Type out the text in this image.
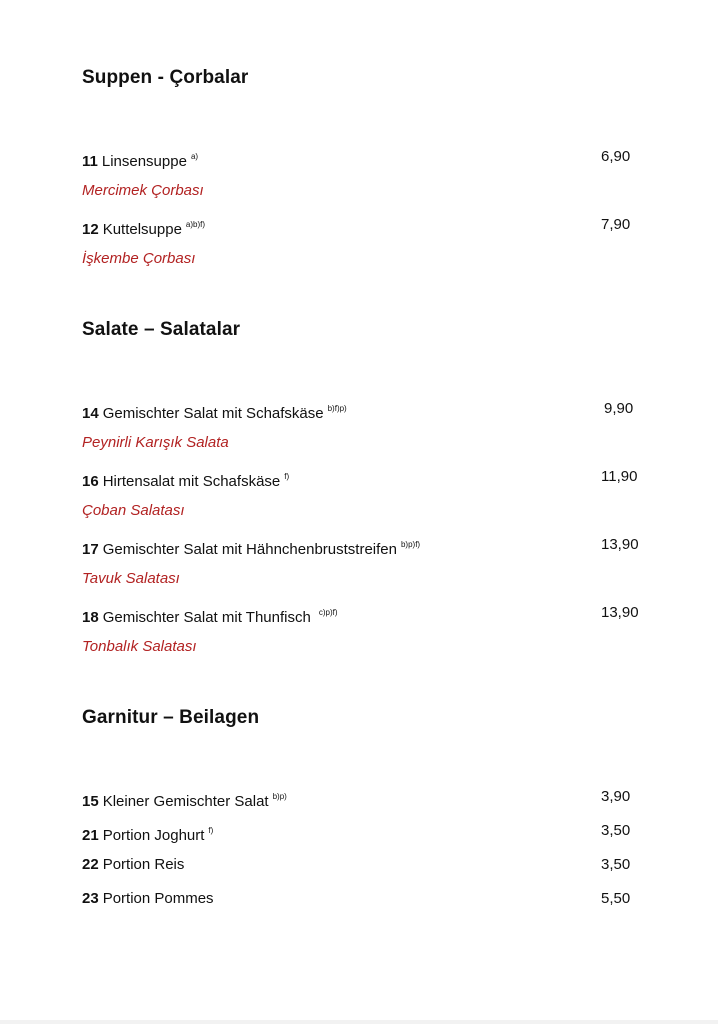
Suppen - Çorbalar
11 Linsensuppe $^{a)}$	6,90
Mercimek Çorbası
12 Kuttelsuppe $^{a)b)f)}$	7,90
İşkembe Çorbası
Salate – Salatalar
14 Gemischter Salat mit Schafskäse $^{b)f)p)}$	9,90
Peynirli Karışık Salata
16 Hirtensalat mit Schafskäse $^{f)}$	11,90
Çoban Salatası
17 Gemischter Salat mit Hähnchenbruststreifen $^{b)p)f)}$	13,90
Tavuk Salatası
18 Gemischter Salat mit Thunfisch $^{c)p)f)}$	13,90
Tonbalık Salatası
Garnitur – Beilagen
15 Kleiner Gemischter Salat $^{b)p)}$	3,90
21 Portion Joghurt $^{f)}$	3,50
22 Portion Reis	3,50
23 Portion Pommes	5,50
